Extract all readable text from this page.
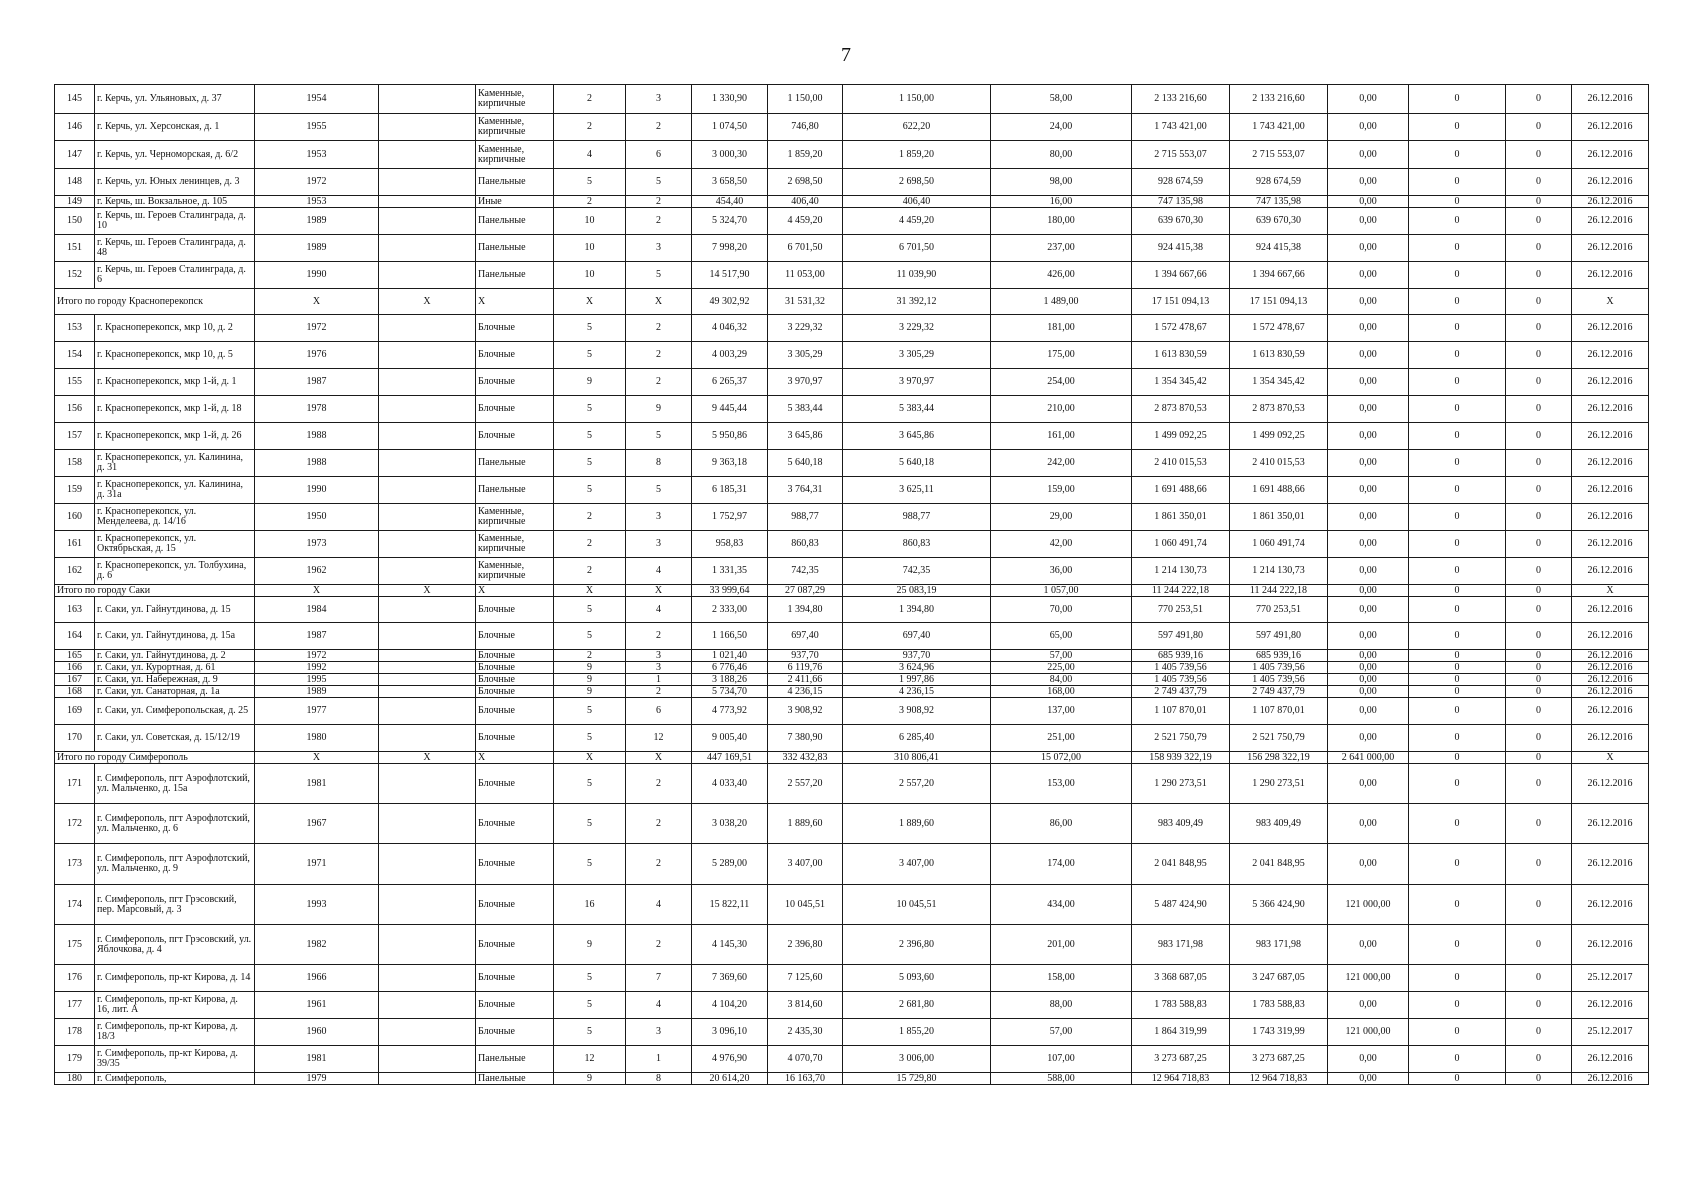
7
145	г. Керчь, ул. Ульяновых, д. 37	1954		Каменные, кирпичные	2	3	1 330,90	1 150,00	1 150,00	58,00	2 133 216,60	2 133 216,60	0,00	0	0	26.12.2016
146	г. Керчь, ул. Херсонская, д. 1	1955		Каменные, кирпичные	2	2	1 074,50	746,80	622,20	24,00	1 743 421,00	1 743 421,00	0,00	0	0	26.12.2016
147	г. Керчь, ул. Черноморская, д. 6/2	1953		Каменные, кирпичные	4	6	3 000,30	1 859,20	1 859,20	80,00	2 715 553,07	2 715 553,07	0,00	0	0	26.12.2016
148	г. Керчь, ул. Юных ленинцев, д. 3	1972		Панельные	5	5	3 658,50	2 698,50	2 698,50	98,00	928 674,59	928 674,59	0,00	0	0	26.12.2016
149	г. Керчь, ш. Вокзальное, д. 105	1953		Иные	2	2	454,40	406,40	406,40	16,00	747 135,98	747 135,98	0,00	0	0	26.12.2016
150	г. Керчь, ш. Героев Сталинграда, д. 10	1989		Панельные	10	2	5 324,70	4 459,20	4 459,20	180,00	639 670,30	639 670,30	0,00	0	0	26.12.2016
151	г. Керчь, ш. Героев Сталинграда, д. 48	1989		Панельные	10	3	7 998,20	6 701,50	6 701,50	237,00	924 415,38	924 415,38	0,00	0	0	26.12.2016
152	г. Керчь, ш. Героев Сталинграда, д. 6	1990		Панельные	10	5	14 517,90	11 053,00	11 039,90	426,00	1 394 667,66	1 394 667,66	0,00	0	0	26.12.2016
Итого по городу Красноперекопск		X	X	X	X	X	49 302,92	31 531,32	31 392,12	1 489,00	17 151 094,13	17 151 094,13	0,00	0	0	X
153	г. Красноперекопск, мкр 10, д. 2	1972		Блочные	5	2	4 046,32	3 229,32	3 229,32	181,00	1 572 478,67	1 572 478,67	0,00	0	0	26.12.2016
154	г. Красноперекопск, мкр 10, д. 5	1976		Блочные	5	2	4 003,29	3 305,29	3 305,29	175,00	1 613 830,59	1 613 830,59	0,00	0	0	26.12.2016
155	г. Красноперекопск, мкр 1-й, д. 1	1987		Блочные	9	2	6 265,37	3 970,97	3 970,97	254,00	1 354 345,42	1 354 345,42	0,00	0	0	26.12.2016
156	г. Красноперекопск, мкр 1-й, д. 18	1978		Блочные	5	9	9 445,44	5 383,44	5 383,44	210,00	2 873 870,53	2 873 870,53	0,00	0	0	26.12.2016
157	г. Красноперекопск, мкр 1-й, д. 26	1988		Блочные	5	5	5 950,86	3 645,86	3 645,86	161,00	1 499 092,25	1 499 092,25	0,00	0	0	26.12.2016
158	г. Красноперекопск, ул. Калинина, д. 31	1988		Панельные	5	8	9 363,18	5 640,18	5 640,18	242,00	2 410 015,53	2 410 015,53	0,00	0	0	26.12.2016
159	г. Красноперекопск, ул. Калинина, д. 31а	1990		Панельные	5	5	6 185,31	3 764,31	3 625,11	159,00	1 691 488,66	1 691 488,66	0,00	0	0	26.12.2016
160	г. Красноперекопск, ул. Менделеева, д. 14/16	1950		Каменные, кирпичные	2	3	1 752,97	988,77	988,77	29,00	1 861 350,01	1 861 350,01	0,00	0	0	26.12.2016
161	г. Красноперекопск, ул. Октябрьская, д. 15	1973		Каменные, кирпичные	2	3	958,83	860,83	860,83	42,00	1 060 491,74	1 060 491,74	0,00	0	0	26.12.2016
162	г. Красноперекопск, ул. Толбухина, д. 6	1962		Каменные, кирпичные	2	4	1 331,35	742,35	742,35	36,00	1 214 130,73	1 214 130,73	0,00	0	0	26.12.2016
Итого по городу Саки		X	X	X	X	X	33 999,64	27 087,29	25 083,19	1 057,00	11 244 222,18	11 244 222,18	0,00	0	0	X
163	г. Саки, ул. Гайнутдинова, д. 15	1984		Блочные	5	4	2 333,00	1 394,80	1 394,80	70,00	770 253,51	770 253,51	0,00	0	0	26.12.2016
164	г. Саки, ул. Гайнутдинова, д. 15а	1987		Блочные	5	2	1 166,50	697,40	697,40	65,00	597 491,80	597 491,80	0,00	0	0	26.12.2016
165	г. Саки, ул. Гайнутдинова, д. 2	1972		Блочные	2	3	1 021,40	937,70	937,70	57,00	685 939,16	685 939,16	0,00	0	0	26.12.2016
166	г. Саки, ул. Курортная, д. 61	1992		Блочные	9	3	6 776,46	6 119,76	3 624,96	225,00	1 405 739,56	1 405 739,56	0,00	0	0	26.12.2016
167	г. Саки, ул. Набережная, д. 9	1995		Блочные	9	1	3 188,26	2 411,66	1 997,86	84,00	1 405 739,56	1 405 739,56	0,00	0	0	26.12.2016
168	г. Саки, ул. Санаторная, д. 1а	1989		Блочные	9	2	5 734,70	4 236,15	4 236,15	168,00	2 749 437,79	2 749 437,79	0,00	0	0	26.12.2016
169	г. Саки, ул. Симферопольская, д. 25	1977		Блочные	5	6	4 773,92	3 908,92	3 908,92	137,00	1 107 870,01	1 107 870,01	0,00	0	0	26.12.2016
170	г. Саки, ул. Советская, д. 15/12/19	1980		Блочные	5	12	9 005,40	7 380,90	6 285,40	251,00	2 521 750,79	2 521 750,79	0,00	0	0	26.12.2016
Итого по городу Симферополь		X	X	X	X	X	447 169,51	332 432,83	310 806,41	15 072,00	158 939 322,19	156 298 322,19	2 641 000,00	0	0	X
171	г. Симферополь, пгт Аэрофлотский, ул. Мальченко, д. 15а	1981		Блочные	5	2	4 033,40	2 557,20	2 557,20	153,00	1 290 273,51	1 290 273,51	0,00	0	0	26.12.2016
172	г. Симферополь, пгт Аэрофлотский, ул. Мальченко, д. 6	1967		Блочные	5	2	3 038,20	1 889,60	1 889,60	86,00	983 409,49	983 409,49	0,00	0	0	26.12.2016
173	г. Симферополь, пгт Аэрофлотский, ул. Мальченко, д. 9	1971		Блочные	5	2	5 289,00	3 407,00	3 407,00	174,00	2 041 848,95	2 041 848,95	0,00	0	0	26.12.2016
174	г. Симферополь, пгт Грэсовский, пер. Марсовый, д. 3	1993		Блочные	16	4	15 822,11	10 045,51	10 045,51	434,00	5 487 424,90	5 366 424,90	121 000,00	0	0	26.12.2016
175	г. Симферополь, пгт Грэсовский, ул. Яблочкова, д. 4	1982		Блочные	9	2	4 145,30	2 396,80	2 396,80	201,00	983 171,98	983 171,98	0,00	0	0	26.12.2016
176	г. Симферополь, пр-кт Кирова, д. 14	1966		Блочные	5	7	7 369,60	7 125,60	5 093,60	158,00	3 368 687,05	3 247 687,05	121 000,00	0	0	25.12.2017
177	г. Симферополь, пр-кт Кирова, д. 16, лит. А	1961		Блочные	5	4	4 104,20	3 814,60	2 681,80	88,00	1 783 588,83	1 783 588,83	0,00	0	0	26.12.2016
178	г. Симферополь, пр-кт Кирова, д. 18/3	1960		Блочные	5	3	3 096,10	2 435,30	1 855,20	57,00	1 864 319,99	1 743 319,99	121 000,00	0	0	25.12.2017
179	г. Симферополь, пр-кт Кирова, д. 39/35	1981		Панельные	12	1	4 976,90	4 070,70	3 006,00	107,00	3 273 687,25	3 273 687,25	0,00	0	0	26.12.2016
180	г. Симферополь,	1979		Панельные	9	8	20 614,20	16 163,70	15 729,80	588,00	12 964 718,83	12 964 718,83	0,00	0	0	26.12.2016
